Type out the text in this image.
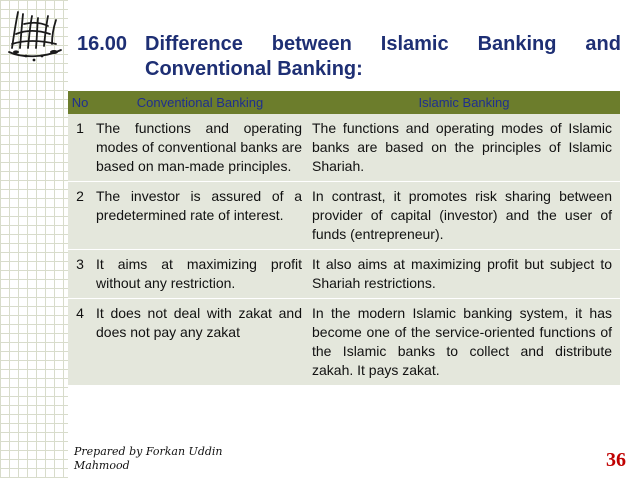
16.00 Difference between Islamic Banking and
Conventional Banking:
No	Conventional Banking	Islamic Banking
1	The functions and operating modes of conventional banks are based on man-made principles.	The functions and operating modes of Islamic banks are based on the principles of Islamic Shariah.
2	The investor is assured of a predetermined rate of interest.	In contrast, it promotes risk sharing between provider of capital (investor) and the user of funds (entrepreneur).
3	It aims at maximizing profit without any restriction.	It also aims at maximizing profit but subject to Shariah restrictions.
4	It does not deal with zakat and does not pay any zakat	In the modern Islamic banking system, it has become one of the service-oriented functions of the Islamic banks to collect and distribute zakah. It pays zakat.
Prepared by Forkan Uddin
Mahmood	36
